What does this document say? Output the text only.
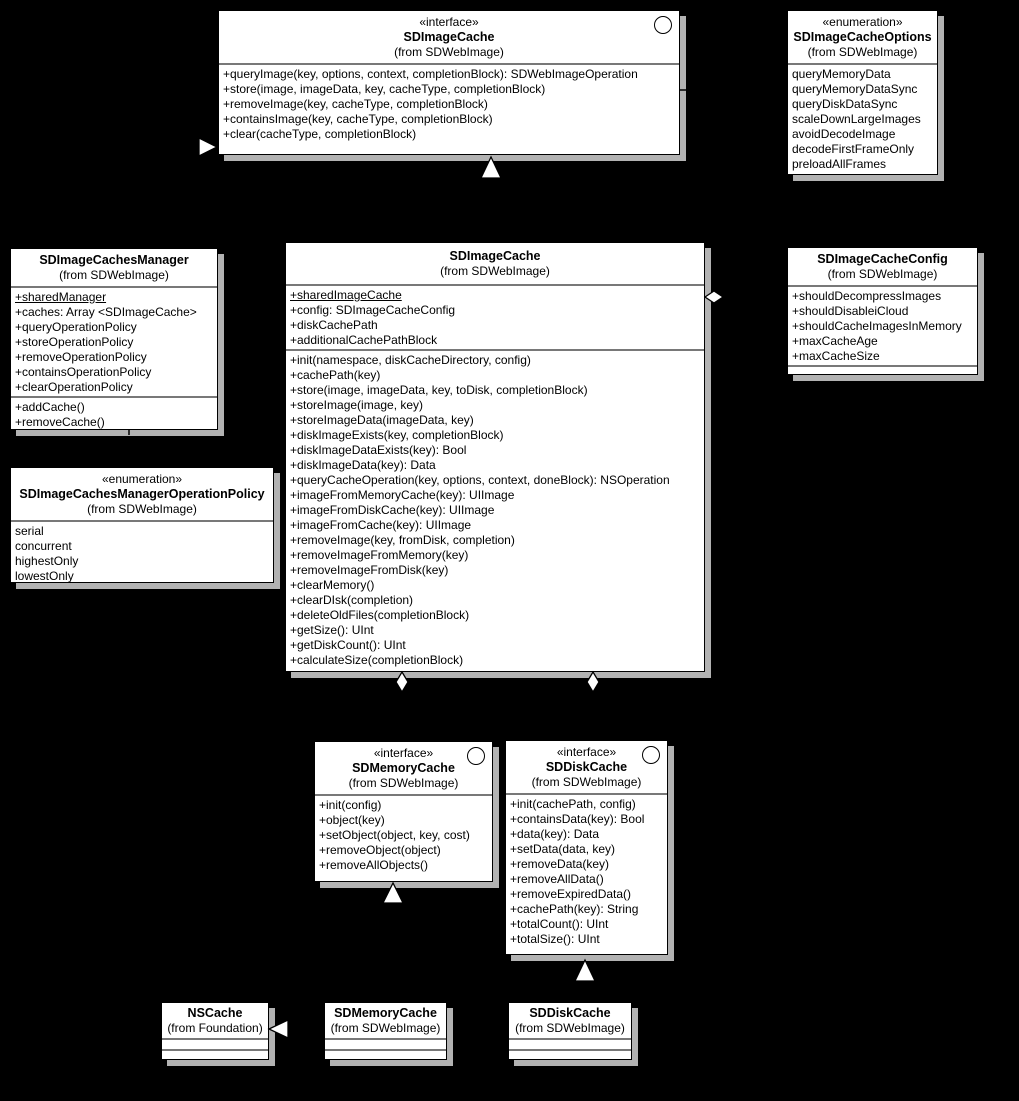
«interface»
SDImageCache
(from SDWebImage)
+queryImage(key, options, context, completionBlock): SDWebImageOperation
+store(image, imageData, key, cacheType, completionBlock)
+removeImage(key, cacheType, completionBlock)
+containsImage(key, cacheType, completionBlock)
+clear(cacheType, completionBlock)
«enumeration»
SDImageCacheOptions
(from SDWebImage)
queryMemoryData
queryMemoryDataSync
queryDiskDataSync
scaleDownLargeImages
avoidDecodeImage
decodeFirstFrameOnly
preloadAllFrames
SDImageCachesManager
(from SDWebImage)
+sharedManager
+caches: Array <SDImageCache>
+queryOperationPolicy
+storeOperationPolicy
+removeOperationPolicy
+containsOperationPolicy
+clearOperationPolicy
+addCache()
+removeCache()
SDImageCache
(from SDWebImage)
+sharedImageCache
+config: SDImageCacheConfig
+diskCachePath
+additionalCachePathBlock
+init(namespace, diskCacheDirectory, config)
+cachePath(key)
+store(image, imageData, key, toDisk, completionBlock)
+storeImage(image, key)
+storeImageData(imageData, key)
+diskImageExists(key, completionBlock)
+diskImageDataExists(key): Bool
+diskImageData(key): Data
+queryCacheOperation(key, options, context, doneBlock): NSOperation
+imageFromMemoryCache(key): UIImage
+imageFromDiskCache(key): UIImage
+imageFromCache(key): UIImage
+removeImage(key, fromDisk, completion)
+removeImageFromMemory(key)
+removeImageFromDisk(key)
+clearMemory()
+clearDIsk(completion)
+deleteOldFiles(completionBlock)
+getSize(): UInt
+getDiskCount(): UInt
+calculateSize(completionBlock)
SDImageCacheConfig
(from SDWebImage)
+shouldDecompressImages
+shouldDisableiCloud
+shouldCacheImagesInMemory
+maxCacheAge
+maxCacheSize
«enumeration»
SDImageCachesManagerOperationPolicy
(from SDWebImage)
serial
concurrent
highestOnly
lowestOnly
«interface»
SDMemoryCache
(from SDWebImage)
+init(config)
+object(key)
+setObject(object, key, cost)
+removeObject(object)
+removeAllObjects()
«interface»
SDDiskCache
(from SDWebImage)
+init(cachePath, config)
+containsData(key): Bool
+data(key): Data
+setData(data, key)
+removeData(key)
+removeAllData()
+removeExpiredData()
+cachePath(key): String
+totalCount(): UInt
+totalSize(): UInt
NSCache
(from Foundation)
SDMemoryCache
(from SDWebImage)
SDDiskCache
(from SDWebImage)
